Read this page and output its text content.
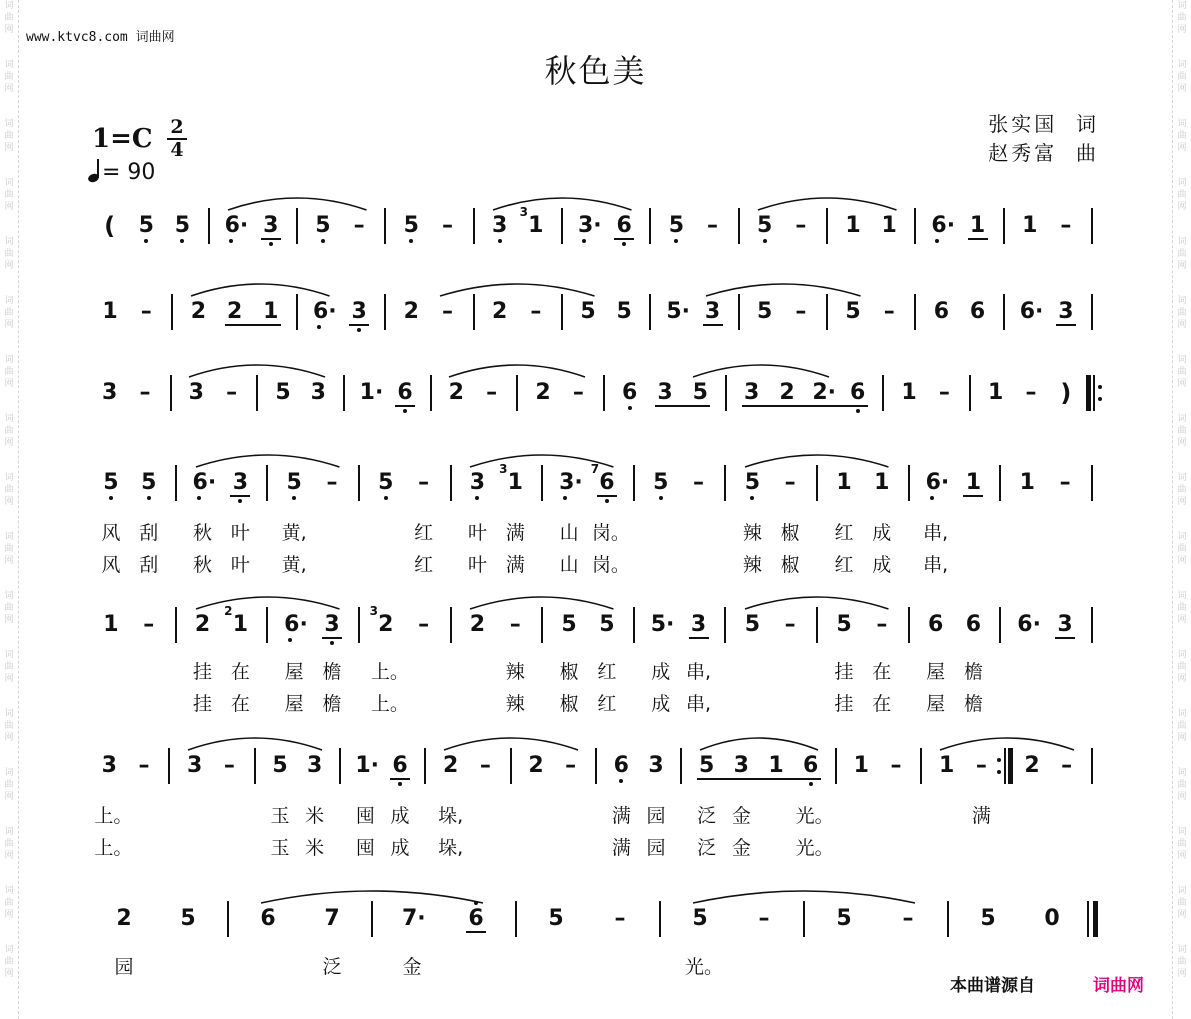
词曲网
词曲网
词曲网
词曲网
词曲网
词曲网
词曲网
词曲网
词曲网
词曲网
词曲网
词曲网
词曲网
词曲网
词曲网
词曲网
词曲网
词曲网
词曲网
词曲网
词曲网
词曲网
词曲网
词曲网
词曲网
词曲网
词曲网
词曲网
词曲网
词曲网
词曲网
词曲网
词曲网
词曲网
www.ktvc8.com 词曲网
秋色美
1=C 2
4
= 90
张实国  词
赵秀富  曲
( 5 5 6· 3 5 – 5 – 3 1
3
3· 6 5 – 5 – 1 1 6· 1 1 –
1 – 2 2 1 6· 3 2 – 2 – 5 5 5· 3 5 – 5 – 6 6 6· 3
3 – 3 – 5 3 1· 6 2 – 2 – 6 3 5 3 2 2· 6 1 – 1 – )
5 5 6· 3 5 – 5 – 3 1
3
3· 6
7
5 – 5 – 1 1 6· 1 1 –
风 刮 秋 叶 黄,	红 叶 满 山 岗。	辣 椒 红 成 串,
风 刮 秋 叶 黄,	红 叶 满 山 岗。	辣 椒 红 成 串,
1 – 2 1
2
6· 3 2
3
– 2 – 5 5 5· 3 5 – 5 – 6 6 6· 3
挂 在 屋 檐 上。	辣 椒 红 成 串,	挂 在 屋 檐
挂 在 屋 檐 上。	辣 椒 红 成 串,	挂 在 屋 檐
3 – 3 – 5 3 1· 6 2 – 2 – 6 3 5 3 1 6 1 – 1 – 2 –
上。	玉 米 囤 成 垛,	满 园 泛 金 光。	满
上。	玉 米 囤 成 垛,	满 园 泛 金 光。
2 5	6 7	7· 6	5 –	5 –	5 –	5 0
园	泛	金	光。
本曲谱源自	词曲网
